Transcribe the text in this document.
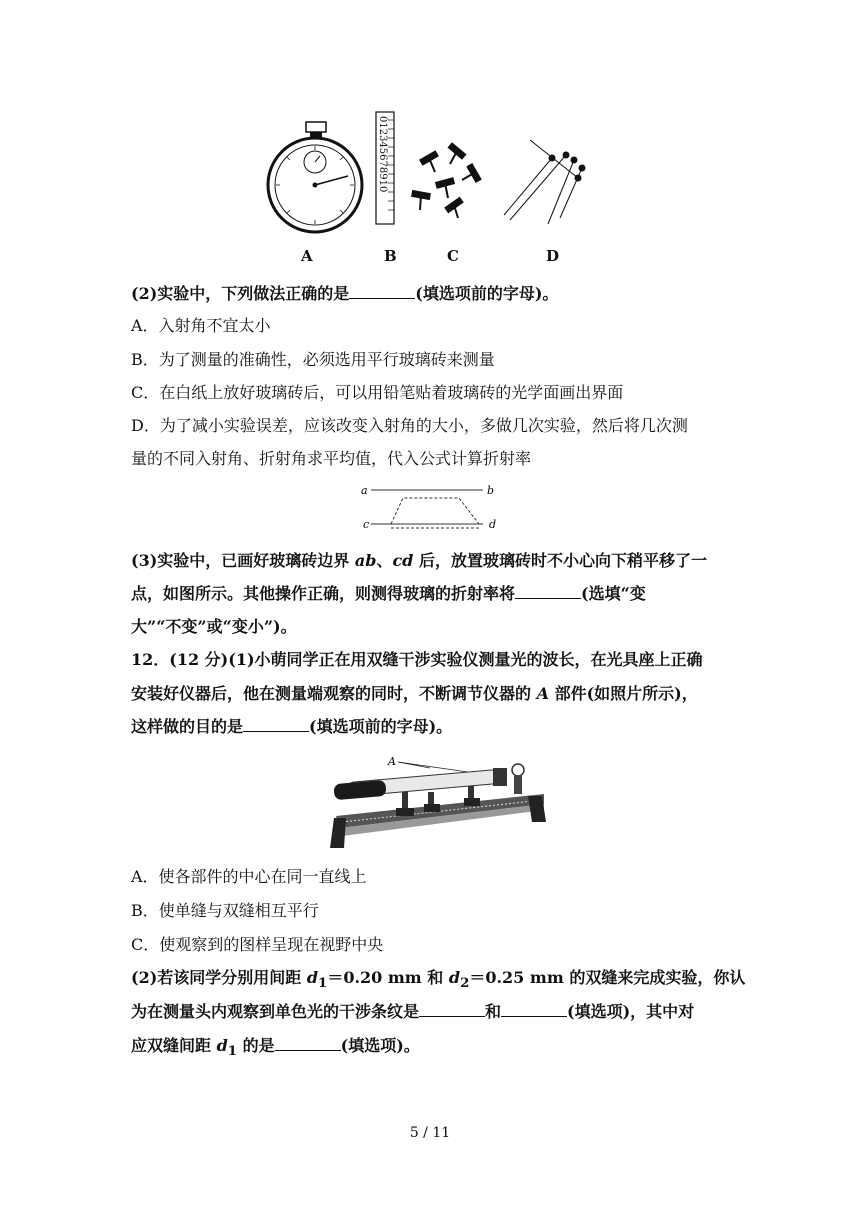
012345678910
A	B	C	D
(2)实验中，下列做法正确的是	(填选项前的字母)。
A．入射角不宜太小
B．为了测量的准确性，必须选用平行玻璃砖来测量
C．在白纸上放好玻璃砖后，可以用铅笔贴着玻璃砖的光学面画出界面
D．为了减小实验误差，应该改变入射角的大小，多做几次实验，然后将几次测
量的不同入射角、折射角求平均值，代入公式计算折射率
a	b
c	d
(3)实验中，已画好玻璃砖边界 ab、cd 后，放置玻璃砖时不小心向下稍平移了一
点，如图所示。其他操作正确，则测得玻璃的折射率将	(选填“变
大”“不变”或“变小”)。
12．(12 分)(1)小萌同学正在用双缝干涉实验仪测量光的波长，在光具座上正确
安装好仪器后，他在测量端观察的同时，不断调节仪器的 A 部件(如照片所示)，
这样做的目的是	(填选项前的字母)。
A
A．使各部件的中心在同一直线上
B．使单缝与双缝相互平行
C．使观察到的图样呈现在视野中央
(2)若该同学分别用间距 $d_1=0.20$ mm 和 $d_2=0.25$ mm 的双缝来完成实验，你认
为在测量头内观察到单色光的干涉条纹是	和	(填选项)，其中对
应双缝间距 $d_1$ 的是	(填选项)。
5 / 11
